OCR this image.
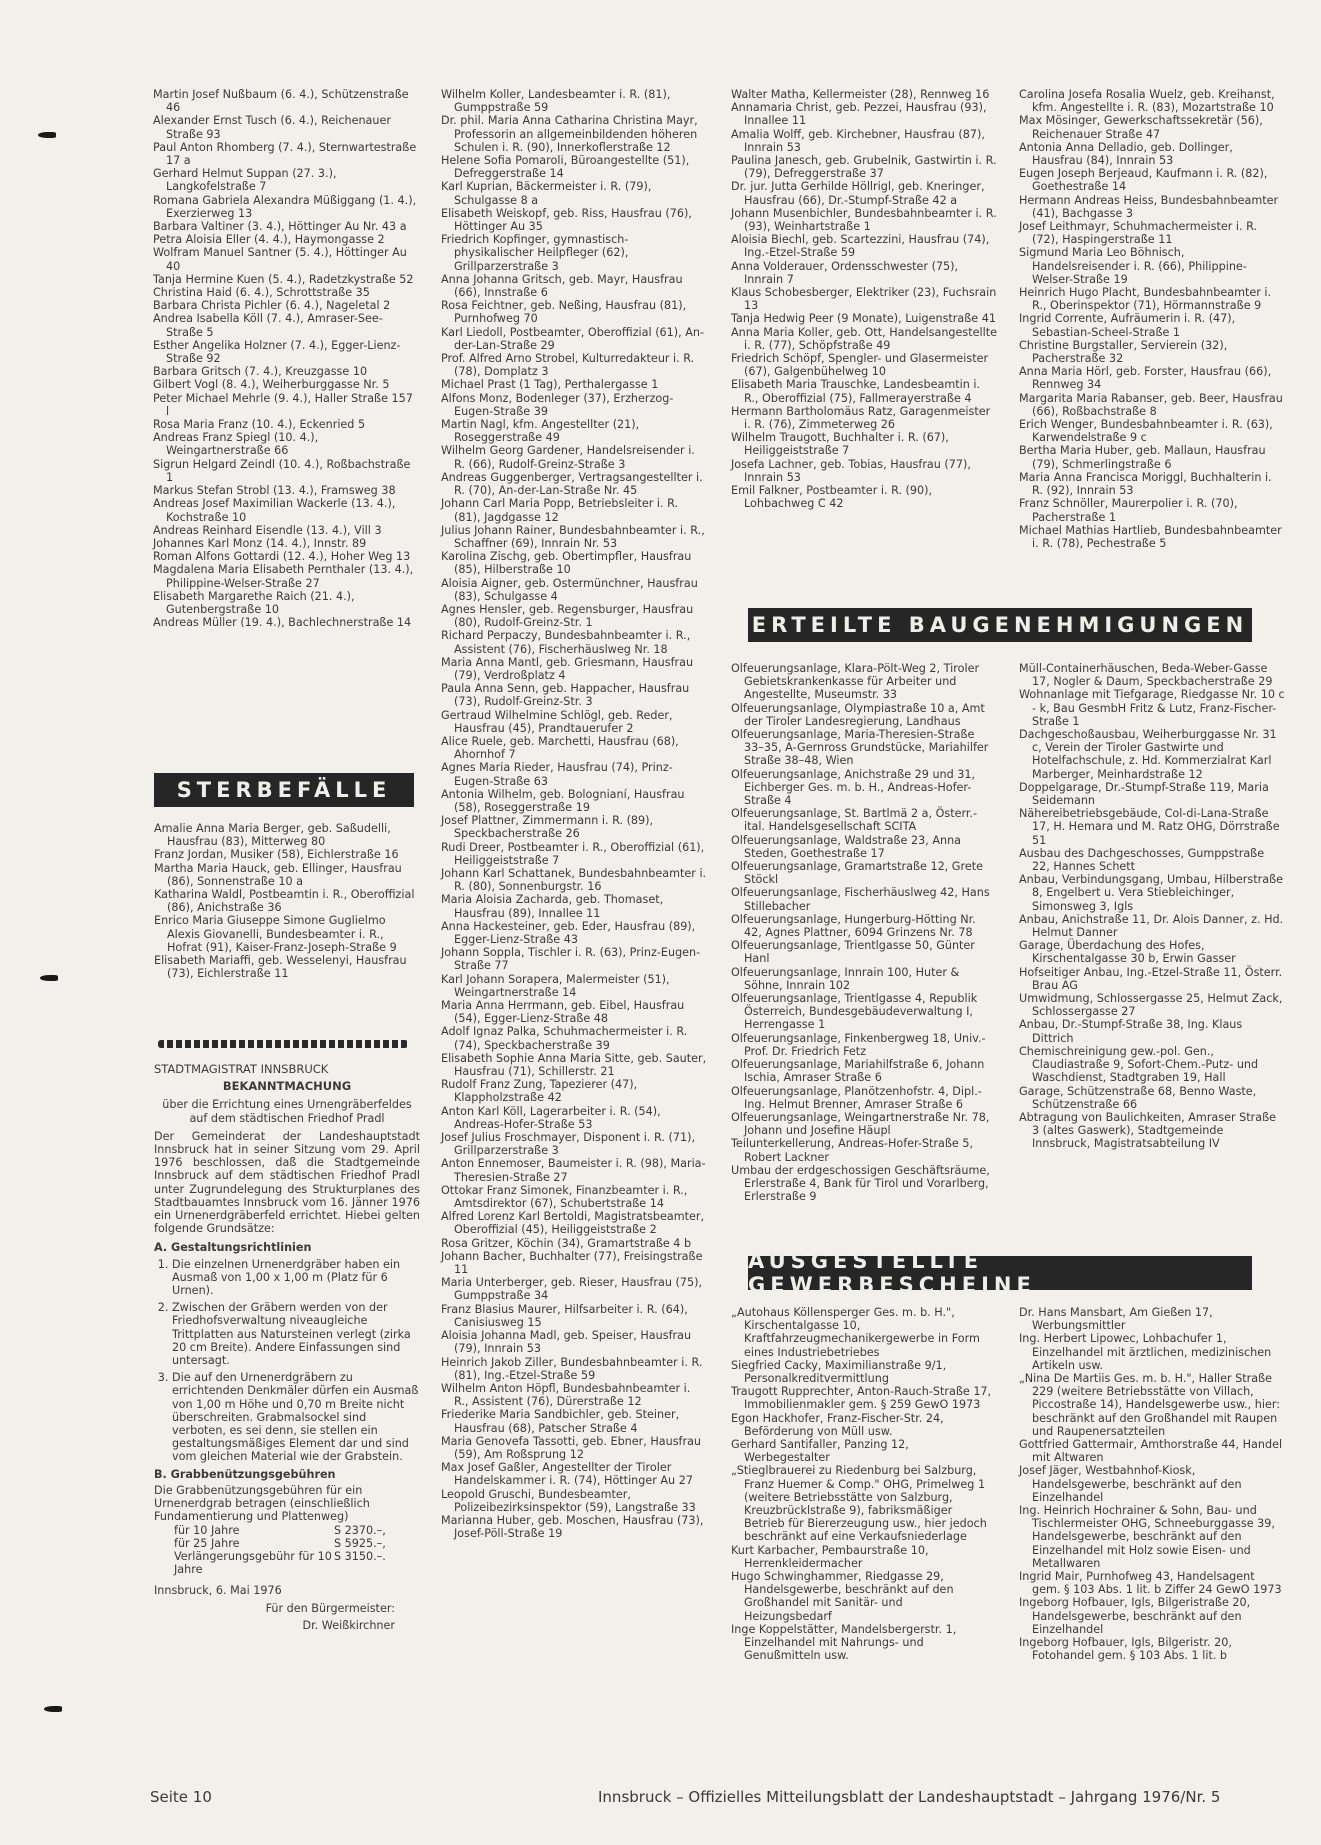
Martin Josef Nußbaum (6. 4.), Schützenstraße 46

Alexander Ernst Tusch (6. 4.), Reichenauer Straße 93

Paul Anton Rhomberg (7. 4.), Sternwartestraße 17 a

Gerhard Helmut Suppan (27. 3.), Langkofelstraße 7

Romana Gabriela Alexandra Müßiggang (1. 4.), Exerzierweg 13

Barbara Valtiner (3. 4.), Höttinger Au Nr. 43 a

Petra Aloisia Eller (4. 4.), Haymongasse 2

Wolfram Manuel Santner (5. 4.), Höttinger Au 40

Tanja Hermine Kuen (5. 4.), Radetzkystraße 52

Christina Haid (6. 4.), Schrottstraße 35

Barbara Christa Pichler (6. 4.), Nageletal 2

Andrea Isabella Köll (7. 4.), Amraser-See-Straße 5

Esther Angelika Holzner (7. 4.), Egger-Lienz-Straße 92

Barbara Gritsch (7. 4.), Kreuzgasse 10

Gilbert Vogl (8. 4.), Weiherburggasse Nr. 5

Peter Michael Mehrle (9. 4.), Haller Straße 157 l

Rosa Maria Franz (10. 4.), Eckenried 5

Andreas Franz Spiegl (10. 4.), Weingartnerstraße 66

Sigrun Helgard Zeindl (10. 4.), Roßbachstraße 1

Markus Stefan Strobl (13. 4.), Framsweg 38

Andreas Josef Maximilian Wackerle (13. 4.), Kochstraße 10

Andreas Reinhard Eisendle (13. 4.), Vill 3

Johannes Karl Monz (14. 4.), Innstr. 89

Roman Alfons Gottardi (12. 4.), Hoher Weg 13

Magdalena Maria Elisabeth Pernthaler (13. 4.), Philippine-Welser-Straße 27

Elisabeth Margarethe Raich (21. 4.), Gutenbergstraße 10

Andreas Müller (19. 4.), Bachlechnerstraße 14

STERBEFÄLLE

Amalie Anna Maria Berger, geb. Saßudelli, Hausfrau (83), Mitterweg 80

Franz Jordan, Musiker (58), Eichlerstraße 16

Martha Maria Hauck, geb. Ellinger, Hausfrau (86), Sonnenstraße 10 a

Katharina Waldl, Postbeamtin i. R., Oberoffizial (86), Anichstraße 36

Enrico Maria Giuseppe Simone Guglielmo Alexis Giovanelli, Bundesbeamter i. R., Hofrat (91), Kaiser-Franz-Joseph-Straße 9

Elisabeth Mariaffi, geb. Wesselenyi, Hausfrau (73), Eichlerstraße 11

STADTMAGISTRAT INNSBRUCK
BEKANNTMACHUNG
über die Errichtung eines Urnengräberfeldes auf dem städtischen Friedhof Pradl
Der Gemeinderat der Landeshauptstadt Innsbruck hat in seiner Sitzung vom 29. April 1976 beschlossen, daß die Stadtgemeinde Innsbruck auf dem städtischen Friedhof Pradl unter Zugrundelegung des Strukturplanes des Stadtbauamtes Innsbruck vom 16. Jänner 1976 ein Urnenerdgräberfeld errichtet. Hiebei gelten folgende Grundsätze:
A. Gestaltungsrichtlinien
1. Die einzelnen Urnenerdgräber haben ein Ausmaß von 1,00 x 1,00 m (Platz für 6 Urnen).
2. Zwischen der Gräbern werden von der Friedhofsverwaltung niveaugleiche Trittplatten aus Natursteinen verlegt (zirka 20 cm Breite). Andere Einfassungen sind untersagt.
3. Die auf den Urnenerdgräbern zu errichtenden Denkmäler dürfen ein Ausmaß von 1,00 m Höhe und 0,70 m Breite nicht überschreiten. Grabmalsockel sind verboten, es sei denn, sie stellen ein gestaltungsmäßiges Element dar und sind vom gleichen Material wie der Grabstein.
B. Grabbenützungsgebühren
Die Grabbenützungsgebühren für ein Urnenerdgrab betragen (einschließlich Fundamentierung und Plattenweg)
für 10 Jahre	S 2370.–,
für 25 Jahre	S 5925.–,
Verlängerungsgebühr für 10 Jahre	S 3150.–.
Innsbruck, 6. Mai 1976
Für den Bürgermeister:
Dr. Weißkirchner

Wilhelm Koller, Landesbeamter i. R. (81), Gumppstraße 59

Dr. phil. Maria Anna Catharina Christina Mayr, Professorin an allgemeinbildenden höheren Schulen i. R. (90), Innerkoflerstraße 12

Helene Sofia Pomaroli, Büroangestellte (51), Defreggerstraße 14

Karl Kuprian, Bäckermeister i. R. (79), Schulgasse 8 a

Elisabeth Weiskopf, geb. Riss, Hausfrau (76), Höttinger Au 35

Friedrich Kopfinger, gymnastisch-physikalischer Heilpfleger (62), Grillparzerstraße 3

Anna Johanna Gritsch, geb. Mayr, Hausfrau (66), Innstraße 6

Rosa Feichtner, geb. Neßing, Hausfrau (81), Purnhofweg 70

Karl Liedoll, Postbeamter, Oberoffizial (61), An-der-Lan-Straße 29

Prof. Alfred Arno Strobel, Kulturredakteur i. R. (78), Domplatz 3

Michael Prast (1 Tag), Perthalergasse 1

Alfons Monz, Bodenleger (37), Erzherzog-Eugen-Straße 39

Martin Nagl, kfm. Angestellter (21), Roseggerstraße 49

Wilhelm Georg Gardener, Handelsreisender i. R. (66), Rudolf-Greinz-Straße 3

Andreas Guggenberger, Vertragsangestellter i. R. (70), An-der-Lan-Straße Nr. 45

Johann Carl Maria Popp, Betriebsleiter i. R. (81), Jagdgasse 12

Julius Johann Rainer, Bundesbahnbeamter i. R., Schaffner (69), Innrain Nr. 53

Karolina Zischg, geb. Obertimpfler, Hausfrau (85), Hilberstraße 10

Aloisia Aigner, geb. Ostermünchner, Hausfrau (83), Schulgasse 4

Agnes Hensler, geb. Regensburger, Hausfrau (80), Rudolf-Greinz-Str. 1

Richard Perpaczy, Bundesbahnbeamter i. R., Assistent (76), Fischerhäuslweg Nr. 18

Maria Anna Mantl, geb. Griesmann, Hausfrau (79), Verdroßplatz 4

Paula Anna Senn, geb. Happacher, Hausfrau (73), Rudolf-Greinz-Str. 3

Gertraud Wilhelmine Schlögl, geb. Reder, Hausfrau (45), Prandtauerufer 2

Alice Ruele, geb. Marchetti, Hausfrau (68), Ahornhof 7

Agnes Maria Rieder, Hausfrau (74), Prinz-Eugen-Straße 63

Antonia Wilhelm, geb. Bolognianí, Hausfrau (58), Roseggerstraße 19

Josef Plattner, Zimmermann i. R. (89), Speckbacherstraße 26

Rudi Dreer, Postbeamter i. R., Oberoffizial (61), Heiliggeiststraße 7

Johann Karl Schattanek, Bundesbahnbeamter i. R. (80), Sonnenburgstr. 16

Maria Aloisia Zacharda, geb. Thomaset, Hausfrau (89), Innallee 11

Anna Hackesteiner, geb. Eder, Hausfrau (89), Egger-Lienz-Straße 43

Johann Soppla, Tischler i. R. (63), Prinz-Eugen-Straße 77

Karl Johann Sorapera, Malermeister (51), Weingartnerstraße 14

Maria Anna Herrmann, geb. Eibel, Hausfrau (54), Egger-Lienz-Straße 48

Adolf Ignaz Palka, Schuhmachermeister i. R. (74), Speckbacherstraße 39

Elisabeth Sophie Anna Maria Sitte, geb. Sauter, Hausfrau (71), Schillerstr. 21

Rudolf Franz Zung, Tapezierer (47), Klappholzstraße 42

Anton Karl Köll, Lagerarbeiter i. R. (54), Andreas-Hofer-Straße 53

Josef Julius Froschmayer, Disponent i. R. (71), Grillparzerstraße 3

Anton Ennemoser, Baumeister i. R. (98), Maria-Theresien-Straße 27

Ottokar Franz Simonek, Finanzbeamter i. R., Amtsdirektor (67), Schubertstraße 14

Alfred Lorenz Karl Bertoldi, Magistratsbeamter, Oberoffizial (45), Heiliggeiststraße 2

Rosa Gritzer, Köchin (34), Gramartstraße 4 b

Johann Bacher, Buchhalter (77), Freisingstraße 11

Maria Unterberger, geb. Rieser, Hausfrau (75), Gumppstraße 34

Franz Blasius Maurer, Hilfsarbeiter i. R. (64), Canisiusweg 15

Aloisia Johanna Madl, geb. Speiser, Hausfrau (79), Innrain 53

Heinrich Jakob Ziller, Bundesbahnbeamter i. R. (81), Ing.-Etzel-Straße 59

Wilhelm Anton Höpfl, Bundesbahnbeamter i. R., Assistent (76), Dürerstraße 12

Friederike Maria Sandbichler, geb. Steiner, Hausfrau (68), Patscher Straße 4

Maria Genovefa Tassotti, geb. Ebner, Hausfrau (59), Am Roßsprung 12

Max Josef Gaßler, Angestellter der Tiroler Handelskammer i. R. (74), Höttinger Au 27

Leopold Gruschi, Bundesbeamter, Polizeibezirksinspektor (59), Langstraße 33

Marianna Huber, geb. Moschen, Hausfrau (73), Josef-Pöll-Straße 19

Walter Matha, Kellermeister (28), Rennweg 16

Annamaria Christ, geb. Pezzei, Hausfrau (93), Innallee 11

Amalia Wolff, geb. Kirchebner, Hausfrau (87), Innrain 53

Paulina Janesch, geb. Grubelnik, Gastwirtin i. R. (79), Defreggerstraße 37

Dr. jur. Jutta Gerhilde Höllrigl, geb. Kneringer, Hausfrau (66), Dr.-Stumpf-Straße 42 a

Johann Musenbichler, Bundesbahnbeamter i. R. (93), Weinhartstraße 1

Aloisia Biechl, geb. Scartezzini, Hausfrau (74), Ing.-Etzel-Straße 59

Anna Volderauer, Ordensschwester (75), Innrain 7

Klaus Schobesberger, Elektriker (23), Fuchsrain 13

Tanja Hedwig Peer (9 Monate), Luigenstraße 41

Anna Maria Koller, geb. Ott, Handelsangestellte i. R. (77), Schöpfstraße 49

Friedrich Schöpf, Spengler- und Glasermeister (67), Galgenbühelweg 10

Elisabeth Maria Trauschke, Landesbeamtin i. R., Oberoffizial (75), Fallmerayerstraße 4

Hermann Bartholomäus Ratz, Garagenmeister i. R. (76), Zimmeterweg 26

Wilhelm Traugott, Buchhalter i. R. (67), Heiliggeiststraße 7

Josefa Lachner, geb. Tobias, Hausfrau (77), Innrain 53

Emil Falkner, Postbeamter i. R. (90), Lohbachweg C 42

Carolina Josefa Rosalia Wuelz, geb. Kreihanst, kfm. Angestellte i. R. (83), Mozartstraße 10

Max Mösinger, Gewerkschaftssekretär (56), Reichenauer Straße 47

Antonia Anna Delladio, geb. Dollinger, Hausfrau (84), Innrain 53

Eugen Joseph Berjeaud, Kaufmann i. R. (82), Goethestraße 14

Hermann Andreas Heiss, Bundesbahnbeamter (41), Bachgasse 3

Josef Leithmayr, Schuhmachermeister i. R. (72), Haspingerstraße 11

Sigmund Maria Leo Böhnisch, Handelsreisender i. R. (66), Philippine-Welser-Straße 19

Heinrich Hugo Placht, Bundesbahnbeamter i. R., Oberinspektor (71), Hörmannstraße 9

Ingrid Corrente, Aufräumerin i. R. (47), Sebastian-Scheel-Straße 1

Christine Burgstaller, Servierein (32), Pacherstraße 32

Anna Maria Hörl, geb. Forster, Hausfrau (66), Rennweg 34

Margarita Maria Rabanser, geb. Beer, Hausfrau (66), Roßbachstraße 8

Erich Wenger, Bundesbahnbeamter i. R. (63), Karwendelstraße 9 c

Bertha Maria Huber, geb. Mallaun, Hausfrau (79), Schmerlingstraße 6

Maria Anna Francisca Moriggl, Buchhalterin i. R. (92), Innrain 53

Franz Schnöller, Maurerpolier i. R. (70), Pacherstraße 1

Michael Mathias Hartlieb, Bundesbahnbeamter i. R. (78), Pechestraße 5

ERTEILTE BAUGENEHMIGUNGEN

Olfeuerungsanlage, Klara-Pölt-Weg 2, Tiroler Gebietskrankenkasse für Arbeiter und Angestellte, Museumstr. 33

Olfeuerungsanlage, Olympiastraße 10 a, Amt der Tiroler Landesregierung, Landhaus

Olfeuerungsanlage, Maria-Theresien-Straße 33–35, A-Gernross Grundstücke, Mariahilfer Straße 38–48, Wien

Olfeuerungsanlage, Anichstraße 29 und 31, Eichberger Ges. m. b. H., Andreas-Hofer-Straße 4

Olfeuerungsanlage, St. Bartlmä 2 a, Österr.-ital. Handelsgesellschaft SCITA

Olfeuerungsanlage, Waldstraße 23, Anna Steden, Goethestraße 17

Olfeuerungsanlage, Gramartstraße 12, Grete Stöckl

Olfeuerungsanlage, Fischerhäuslweg 42, Hans Stillebacher

Olfeuerungsanlage, Hungerburg-Hötting Nr. 42, Agnes Plattner, 6094 Grinzens Nr. 78

Olfeuerungsanlage, Trientlgasse 50, Günter Hanl

Olfeuerungsanlage, Innrain 100, Huter & Söhne, Innrain 102

Olfeuerungsanlage, Trientlgasse 4, Republik Österreich, Bundesgebäudeverwaltung I, Herrengasse 1

Olfeuerungsanlage, Finkenbergweg 18, Univ.-Prof. Dr. Friedrich Fetz

Olfeuerungsanlage, Mariahilfstraße 6, Johann Ischia, Amraser Straße 6

Olfeuerungsanlage, Planötzenhofstr. 4, Dipl.-Ing. Helmut Brenner, Amraser Straße 6

Olfeuerungsanlage, Weingartnerstraße Nr. 78, Johann und Josefine Häupl

Teilunterkellerung, Andreas-Hofer-Straße 5, Robert Lackner

Umbau der erdgeschossigen Geschäftsräume, Erlerstraße 4, Bank für Tirol und Vorarlberg, Erlerstraße 9

Müll-Containerhäuschen, Beda-Weber-Gasse 17, Nogler & Daum, Speckbacherstraße 29

Wohnanlage mit Tiefgarage, Riedgasse Nr. 10 c - k, Bau GesmbH Fritz & Lutz, Franz-Fischer-Straße 1

Dachgeschoßausbau, Weiherburggasse Nr. 31 c, Verein der Tiroler Gastwirte und Hotelfachschule, z. Hd. Kommerzialrat Karl Marberger, Meinhardstraße 12

Doppelgarage, Dr.-Stumpf-Straße 119, Maria Seidemann

Nähereibetriebsgebäude, Col-di-Lana-Straße 17, H. Hemara und M. Ratz OHG, Dörrstraße 51

Ausbau des Dachgeschosses, Gumppstraße 22, Hannes Schett

Anbau, Verbindungsgang, Umbau, Hilberstraße 8, Engelbert u. Vera Stiebleichinger, Simonsweg 3, Igls

Anbau, Anichstraße 11, Dr. Alois Danner, z. Hd. Helmut Danner

Garage, Überdachung des Hofes, Kirschentalgasse 30 b, Erwin Gasser

Hofseitiger Anbau, Ing.-Etzel-Straße 11, Österr. Brau AG

Umwidmung, Schlossergasse 25, Helmut Zack, Schlossergasse 27

Anbau, Dr.-Stumpf-Straße 38, Ing. Klaus Dittrich

Chemischreinigung gew.-pol. Gen., Claudiastraße 9, Sofort-Chem.-Putz- und Waschdienst, Stadtgraben 19, Hall

Garage, Schützenstraße 68, Benno Waste, Schützenstraße 66

Abtragung von Baulichkeiten, Amraser Straße 3 (altes Gaswerk), Stadtgemeinde Innsbruck, Magistratsabteilung IV

AUSGESTELLTE GEWERBESCHEINE

„Autohaus Köllensperger Ges. m. b. H.", Kirschentalgasse 10, Kraftfahrzeugmechanikergewerbe in Form eines Industriebetriebes

Siegfried Cacky, Maximilianstraße 9/1, Personalkreditvermittlung

Traugott Rupprechter, Anton-Rauch-Straße 17, Immobilienmakler gem. § 259 GewO 1973

Egon Hackhofer, Franz-Fischer-Str. 24, Beförderung von Müll usw.

Gerhard Santifaller, Panzing 12, Werbegestalter

„Stieglbrauerei zu Riedenburg bei Salzburg, Franz Huemer & Comp." OHG, Primelweg 1 (weitere Betriebsstätte von Salzburg, Kreuzbrücklstraße 9), fabriksmäßiger Betrieb für Biererzeugung usw., hier jedoch beschränkt auf eine Verkaufsniederlage

Kurt Karbacher, Pembaurstraße 10, Herrenkleidermacher

Hugo Schwinghammer, Riedgasse 29, Handelsgewerbe, beschränkt auf den Großhandel mit Sanitär- und Heizungsbedarf

Inge Koppelstätter, Mandelsbergerstr. 1, Einzelhandel mit Nahrungs- und Genußmitteln usw.

Dr. Hans Mansbart, Am Gießen 17, Werbungsmittler

Ing. Herbert Lipowec, Lohbachufer 1, Einzelhandel mit ärztlichen, medizinischen Artikeln usw.

„Nina De Martiis Ges. m. b. H.", Haller Straße 229 (weitere Betriebsstätte von Villach, Piccostraße 14), Handelsgewerbe usw., hier: beschränkt auf den Großhandel mit Raupen und Raupenersatzteilen

Gottfried Gattermair, Amthorstraße 44, Handel mit Altwaren

Josef Jäger, Westbahnhof-Kiosk, Handelsgewerbe, beschränkt auf den Einzelhandel

Ing. Heinrich Hochrainer & Sohn, Bau- und Tischlermeister OHG, Schneeburggasse 39, Handelsgewerbe, beschränkt auf den Einzelhandel mit Holz sowie Eisen- und Metallwaren

Ingrid Mair, Purnhofweg 43, Handelsagent gem. § 103 Abs. 1 lit. b Ziffer 24 GewO 1973

Ingeborg Hofbauer, Igls, Bilgeristraße 20, Handelsgewerbe, beschränkt auf den Einzelhandel

Ingeborg Hofbauer, Igls, Bilgeristr. 20, Fotohandel gem. § 103 Abs. 1 lit. b

Seite 10	Innsbruck – Offizielles Mitteilungsblatt der Landeshauptstadt – Jahrgang 1976/Nr. 5
